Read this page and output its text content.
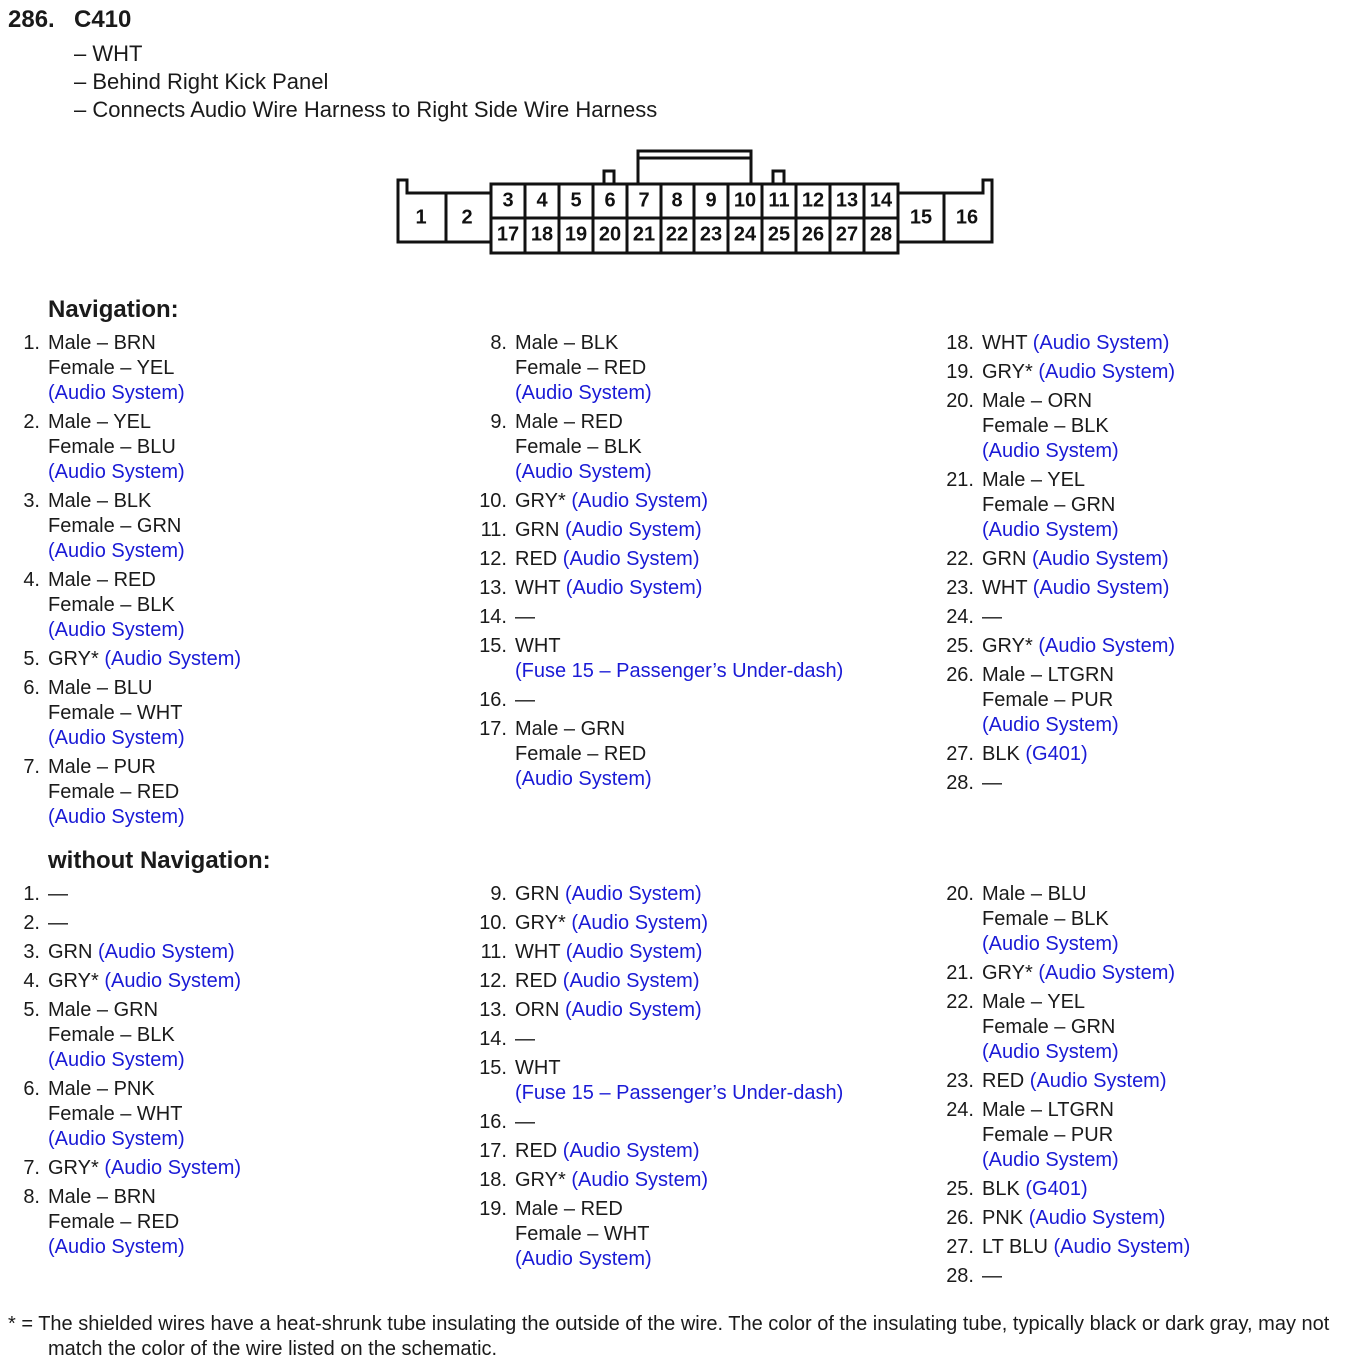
286. C410
– WHT
– Behind Right Kick Panel
– Connects Audio Wire Harness to Right Side Wire Harness
1 2
3 4 5 6 7 8 9 10 11 12 13 14
15 16
17 18 19 20 21 22 23 24 25 26 27 28
Navigation:
1. Male – BRN
Female – YEL
(Audio System)
2. Male – YEL
Female – BLU
(Audio System)
3. Male – BLK
Female – GRN
(Audio System)
4. Male – RED
Female – BLK
(Audio System)
5. GRY* (Audio System)
6. Male – BLU
Female – WHT
(Audio System)
7. Male – PUR
Female – RED
(Audio System)
8. Male – BLK
Female – RED
(Audio System)
9. Male – RED
Female – BLK
(Audio System)
10. GRY* (Audio System)
11. GRN (Audio System)
12. RED (Audio System)
13. WHT (Audio System)
14. —
15. WHT
(Fuse 15 – Passenger’s Under-dash)
16. —
17. Male – GRN
Female – RED
(Audio System)
18. WHT (Audio System)
19. GRY* (Audio System)
20. Male – ORN
Female – BLK
(Audio System)
21. Male – YEL
Female – GRN
(Audio System)
22. GRN (Audio System)
23. WHT (Audio System)
24. —
25. GRY* (Audio System)
26. Male – LTGRN
Female – PUR
(Audio System)
27. BLK (G401)
28. —
without Navigation:
1. —
2. —
3. GRN (Audio System)
4. GRY* (Audio System)
5. Male – GRN
Female – BLK
(Audio System)
6. Male – PNK
Female – WHT
(Audio System)
7. GRY* (Audio System)
8. Male – BRN
Female – RED
(Audio System)
9. GRN (Audio System)
10. GRY* (Audio System)
11. WHT (Audio System)
12. RED (Audio System)
13. ORN (Audio System)
14. —
15. WHT
(Fuse 15 – Passenger’s Under-dash)
16. —
17. RED (Audio System)
18. GRY* (Audio System)
19. Male – RED
Female – WHT
(Audio System)
20. Male – BLU
Female – BLK
(Audio System)
21. GRY* (Audio System)
22. Male – YEL
Female – GRN
(Audio System)
23. RED (Audio System)
24. Male – LTGRN
Female – PUR
(Audio System)
25. BLK (G401)
26. PNK (Audio System)
27. LT BLU (Audio System)
28. —
* = The shielded wires have a heat-shrunk tube insulating the outside of the wire. The color of the insulating tube, typically black or dark gray, may not match the color of the wire listed on the schematic.
